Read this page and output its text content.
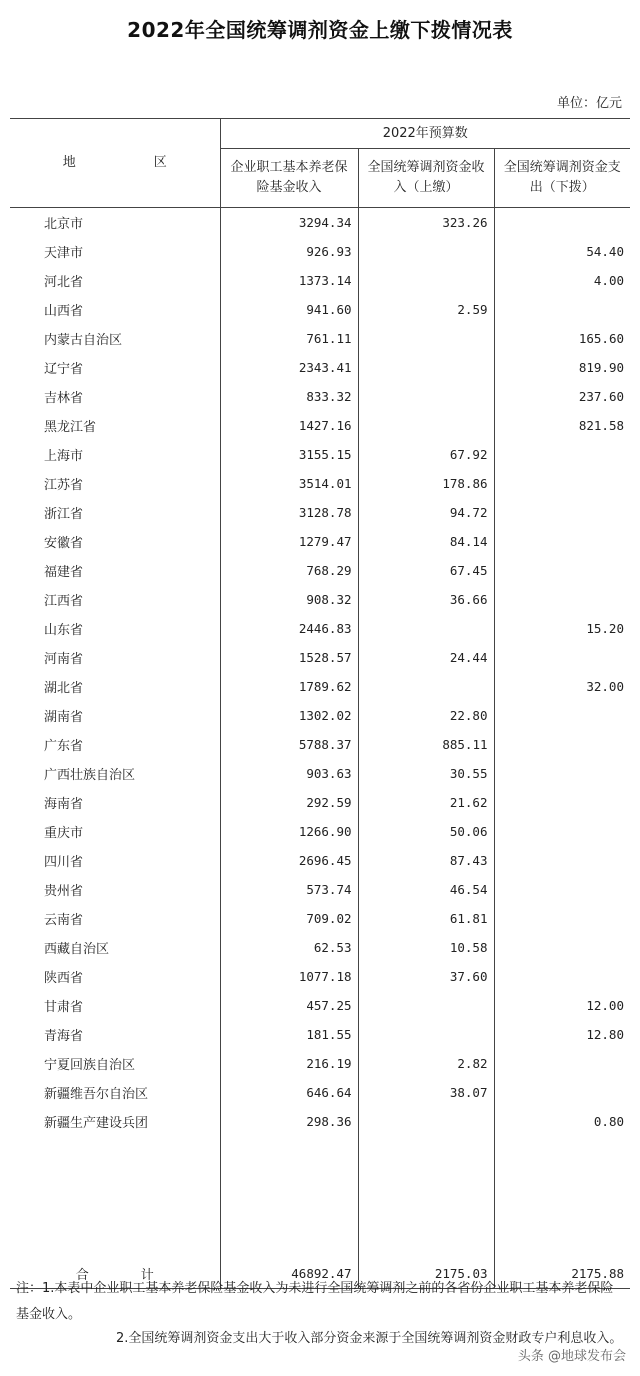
2022年全国统筹调剂资金上缴下拨情况表
单位：亿元
地　　　　　　区	2022年预算数		
	企业职工基本养老保险基金收入	全国统筹调剂资金收入（上缴）	全国统筹调剂资金支出（下拨）
北京市	3294.34	323.26	
天津市	926.93		54.40
河北省	1373.14		4.00
山西省	941.60	2.59	
内蒙古自治区	761.11		165.60
辽宁省	2343.41		819.90
吉林省	833.32		237.60
黑龙江省	1427.16		821.58
上海市	3155.15	67.92	
江苏省	3514.01	178.86	
浙江省	3128.78	94.72	
安徽省	1279.47	84.14	
福建省	768.29	67.45	
江西省	908.32	36.66	
山东省	2446.83		15.20
河南省	1528.57	24.44	
湖北省	1789.62		32.00
湖南省	1302.02	22.80	
广东省	5788.37	885.11	
广西壮族自治区	903.63	30.55	
海南省	292.59	21.62	
重庆市	1266.90	50.06	
四川省	2696.45	87.43	
贵州省	573.74	46.54	
云南省	709.02	61.81	
西藏自治区	62.53	10.58	
陕西省	1077.18	37.60	
甘肃省	457.25		12.00
青海省	181.55		12.80
宁夏回族自治区	216.19	2.82	
新疆维吾尔自治区	646.64	38.07	
新疆生产建设兵团	298.36		0.80

合　　　　计	46892.47	2175.03	2175.88
注：1.本表中企业职工基本养老保险基金收入为未进行全国统筹调剂之前的各省份企业职工基本养老保险基金收入。
2.全国统筹调剂资金支出大于收入部分资金来源于全国统筹调剂资金财政专户利息收入。
头条 @地球发布会
